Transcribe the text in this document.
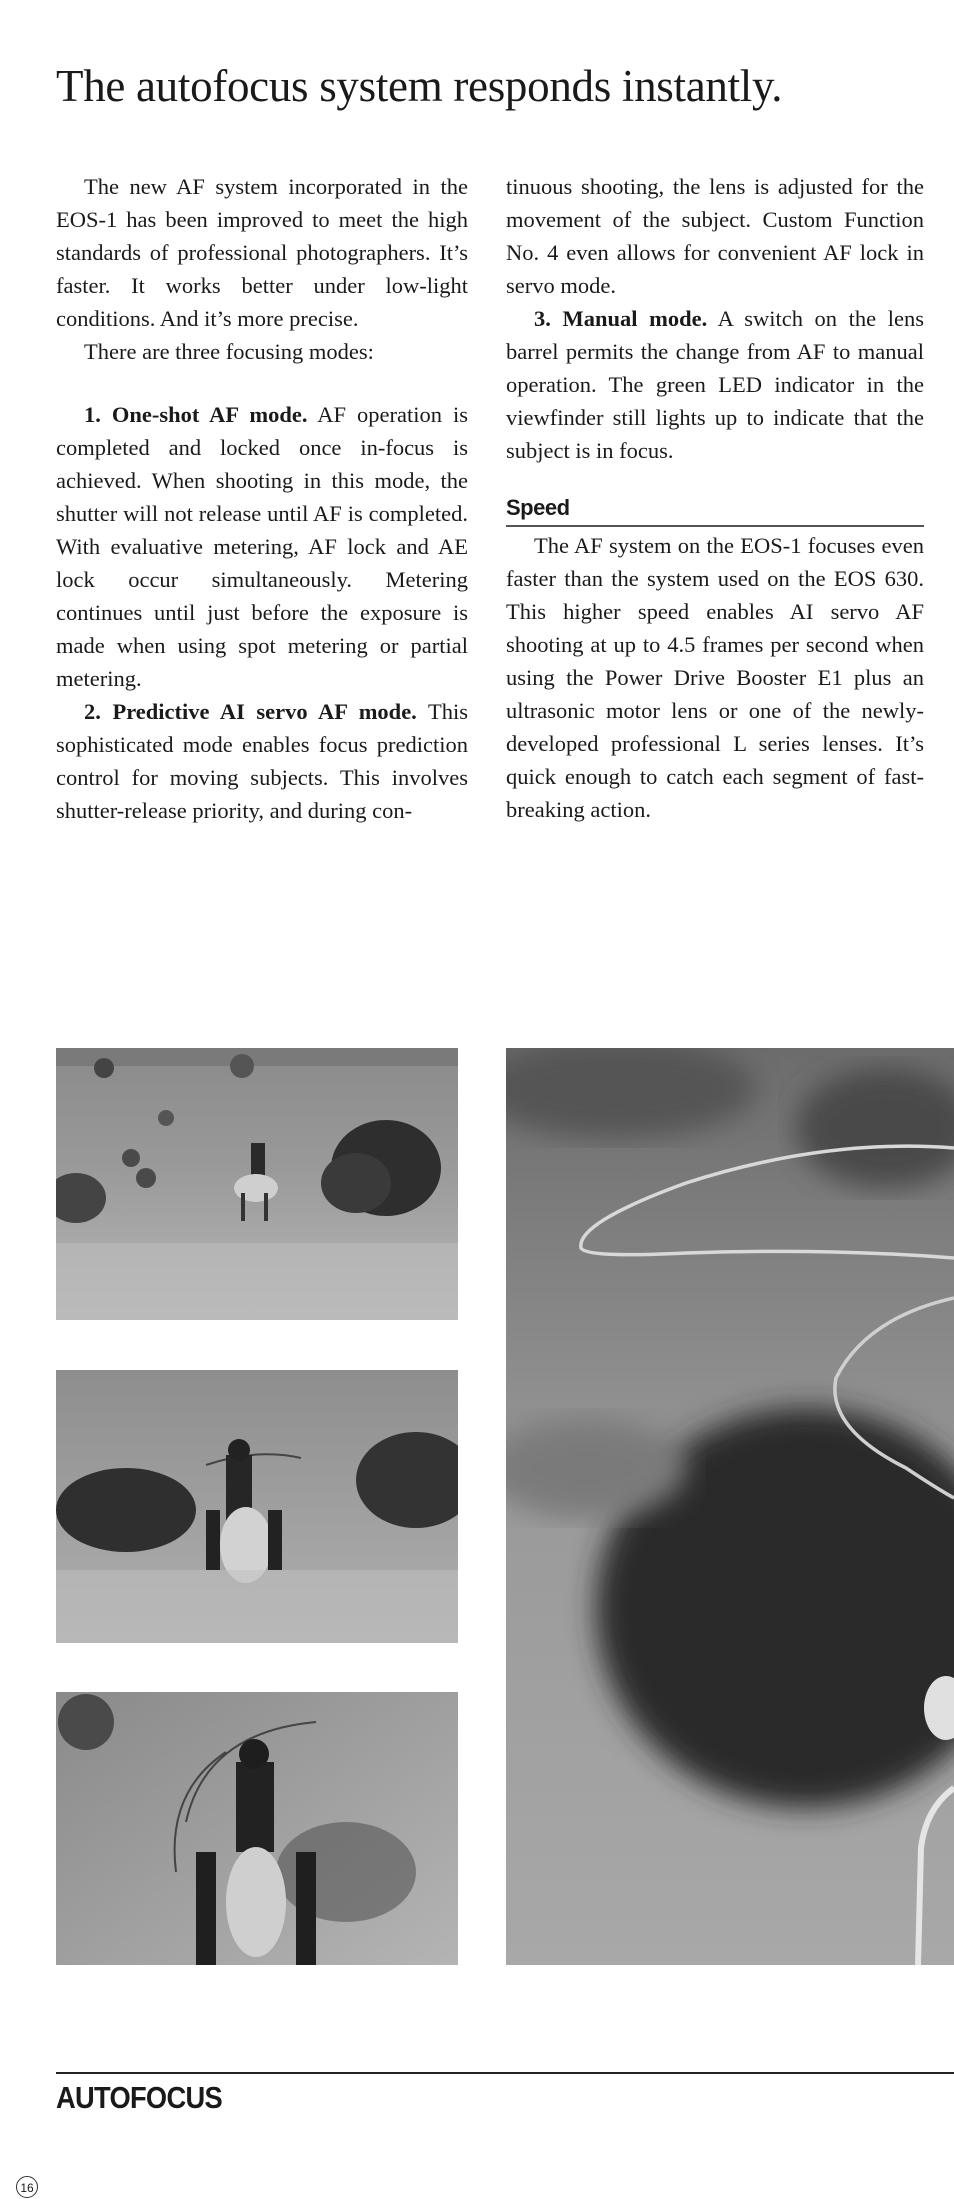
The autofocus system responds instantly.

The new AF system incorporated in the EOS-1 has been improved to meet the high standards of professional photographers. It’s faster. It works better under low-light conditions. And it’s more precise.

There are three focusing modes:

1. One-shot AF mode. AF operation is completed and locked once in-focus is achieved. When shooting in this mode, the shutter will not release until AF is completed. With evaluative metering, AF lock and AE lock occur simultaneously. Metering continues until just before the exposure is made when using spot metering or partial metering.

2. Predictive AI servo AF mode. This sophisticated mode enables focus prediction control for moving subjects. This involves shutter-release priority, and during con-

tinuous shooting, the lens is adjusted for the movement of the subject. Custom Function No. 4 even allows for convenient AF lock in servo mode.

3. Manual mode. A switch on the lens barrel permits the change from AF to manual operation. The green LED indicator in the viewfinder still lights up to indicate that the subject is in focus.

Speed

The AF system on the EOS-1 focuses even faster than the system used on the EOS 630. This higher speed enables AI servo AF shooting at up to 4.5 frames per second when using the Power Drive Booster E1 plus an ultrasonic motor lens or one of the newly-developed professional L series lenses. It’s quick enough to catch each segment of fast-breaking action.

AUTOFOCUS
16
